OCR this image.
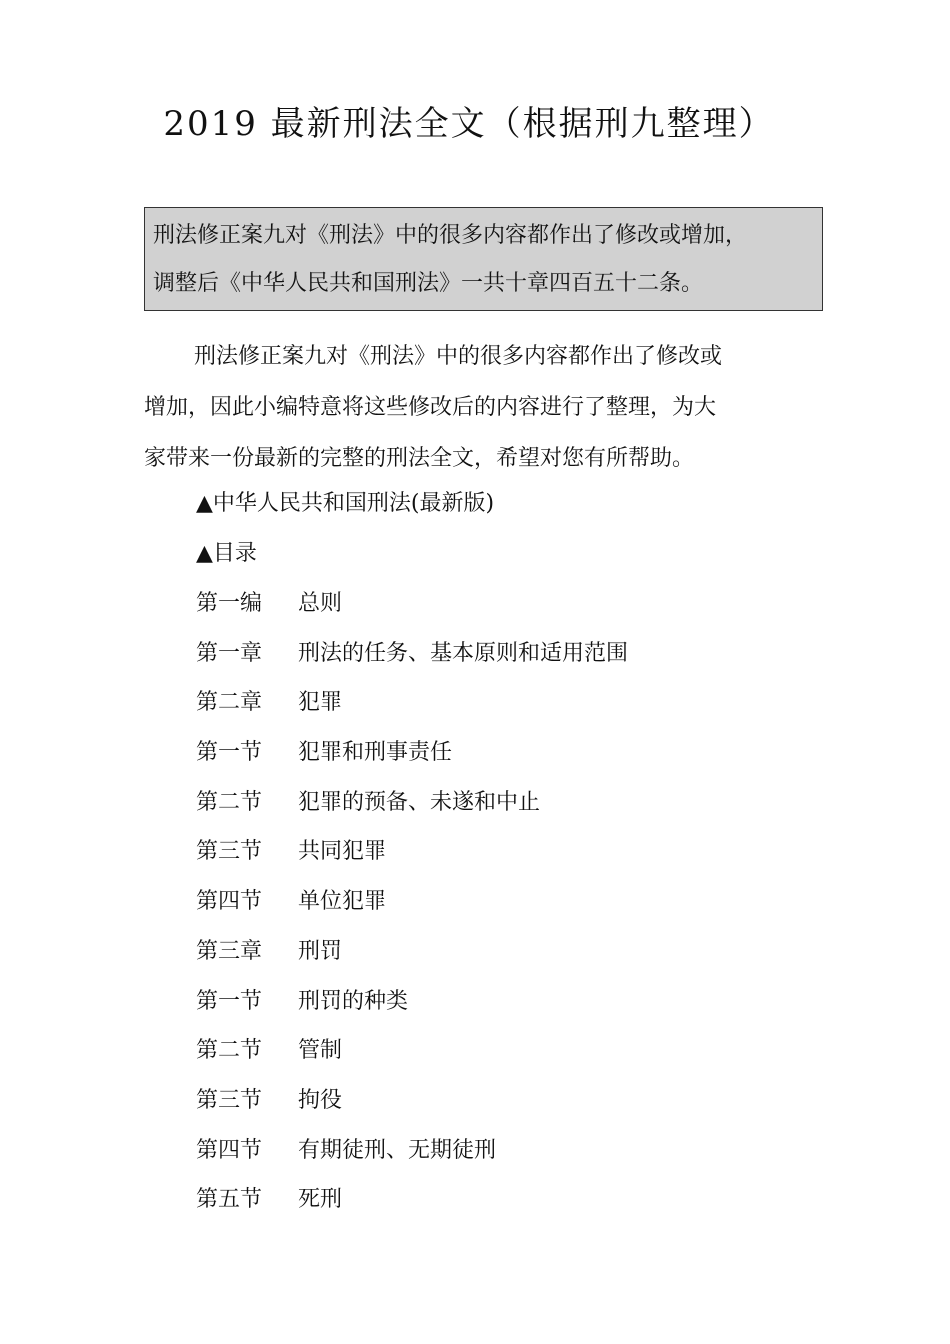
2019 最新刑法全文（根据刑九整理）
刑法修正案九对《刑法》中的很多内容都作出了修改或增加，
调整后《中华人民共和国刑法》一共十章四百五十二条。

刑法修正案九对《刑法》中的很多内容都作出了修改或
增加，因此小编特意将这些修改后的内容进行了整理，为大
家带来一份最新的完整的刑法全文，希望对您有所帮助。

▲中华人民共和国刑法(最新版)
▲目录
第一编	总则
第一章	刑法的任务、基本原则和适用范围
第二章	犯罪
第一节	犯罪和刑事责任
第二节	犯罪的预备、未遂和中止
第三节	共同犯罪
第四节	单位犯罪
第三章	刑罚
第一节	刑罚的种类
第二节	管制
第三节	拘役
第四节	有期徒刑、无期徒刑
第五节	死刑
